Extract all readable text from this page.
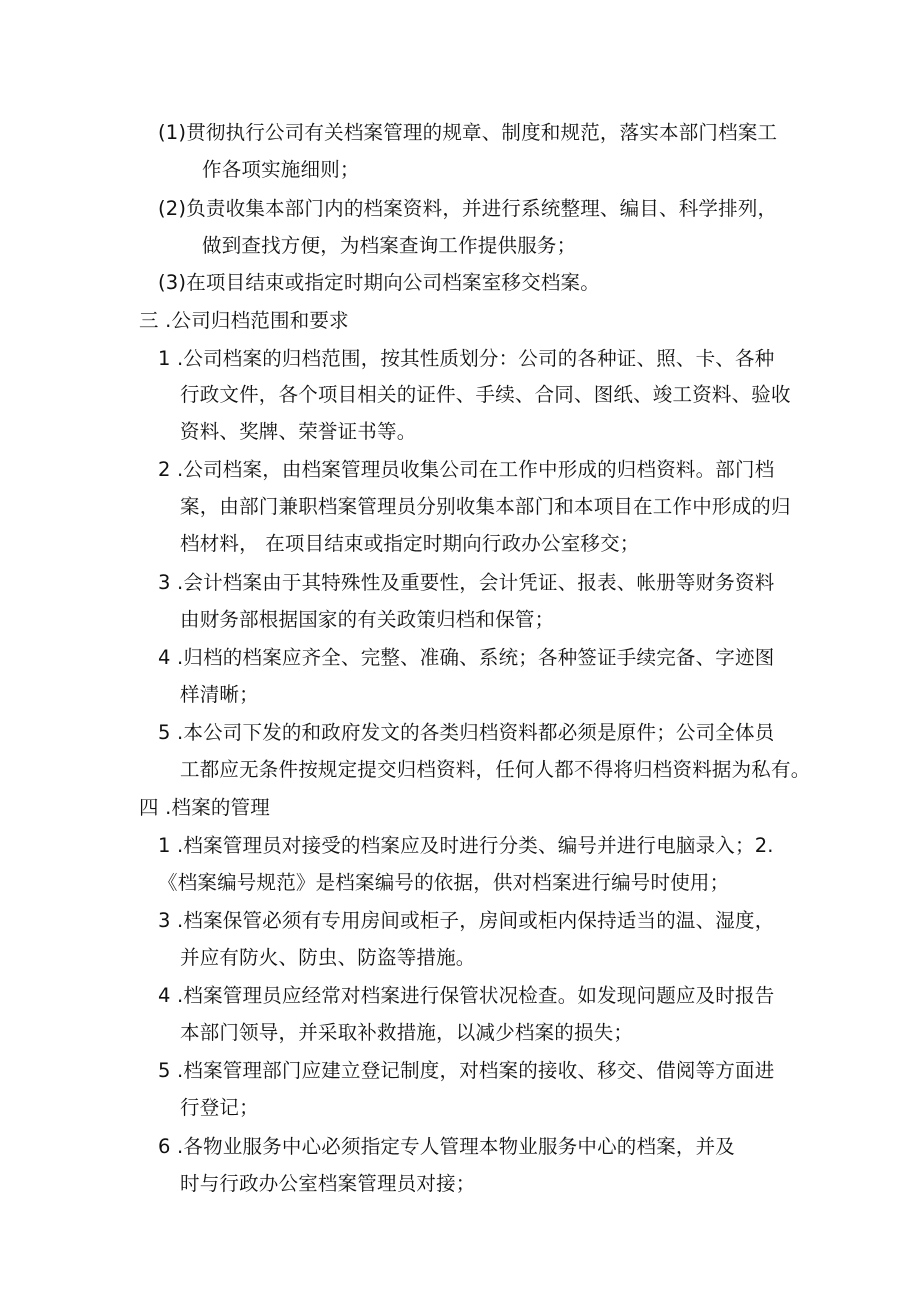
(1)贯彻执行公司有关档案管理的规章、制度和规范，落实本部门档案工
作各项实施细则；
(2)负责收集本部门内的档案资料，并进行系统整理、编目、科学排列，
做到查找方便，为档案查询工作提供服务；
(3)在项目结束或指定时期向公司档案室移交档案。
三 .公司归档范围和要求
1 .公司档案的归档范围，按其性质划分：公司的各种证、照、卡、各种
行政文件，各个项目相关的证件、手续、合同、图纸、竣工资料、验收
资料、奖牌、荣誉证书等。
2 .公司档案，由档案管理员收集公司在工作中形成的归档资料。部门档
案，由部门兼职档案管理员分别收集本部门和本项目在工作中形成的归
档材料， 在项目结束或指定时期向行政办公室移交；
3 .会计档案由于其特殊性及重要性，会计凭证、报表、帐册等财务资料
由财务部根据国家的有关政策归档和保管；
4 .归档的档案应齐全、完整、准确、系统；各种签证手续完备、字迹图
样清晰；
5 .本公司下发的和政府发文的各类归档资料都必须是原件；公司全体员
工都应无条件按规定提交归档资料，任何人都不得将归档资料据为私有。
四 .档案的管理
1 .档案管理员对接受的档案应及时进行分类、编号并进行电脑录入；2.
《档案编号规范》是档案编号的依据，供对档案进行编号时使用；
3 .档案保管必须有专用房间或柜子，房间或柜内保持适当的温、湿度，
并应有防火、防虫、防盗等措施。
4 .档案管理员应经常对档案进行保管状况检查。如发现问题应及时报告
本部门领导，并采取补救措施，以减少档案的损失；
5 .档案管理部门应建立登记制度，对档案的接收、移交、借阅等方面进
行登记；
6 .各物业服务中心必须指定专人管理本物业服务中心的档案，并及
时与行政办公室档案管理员对接；
